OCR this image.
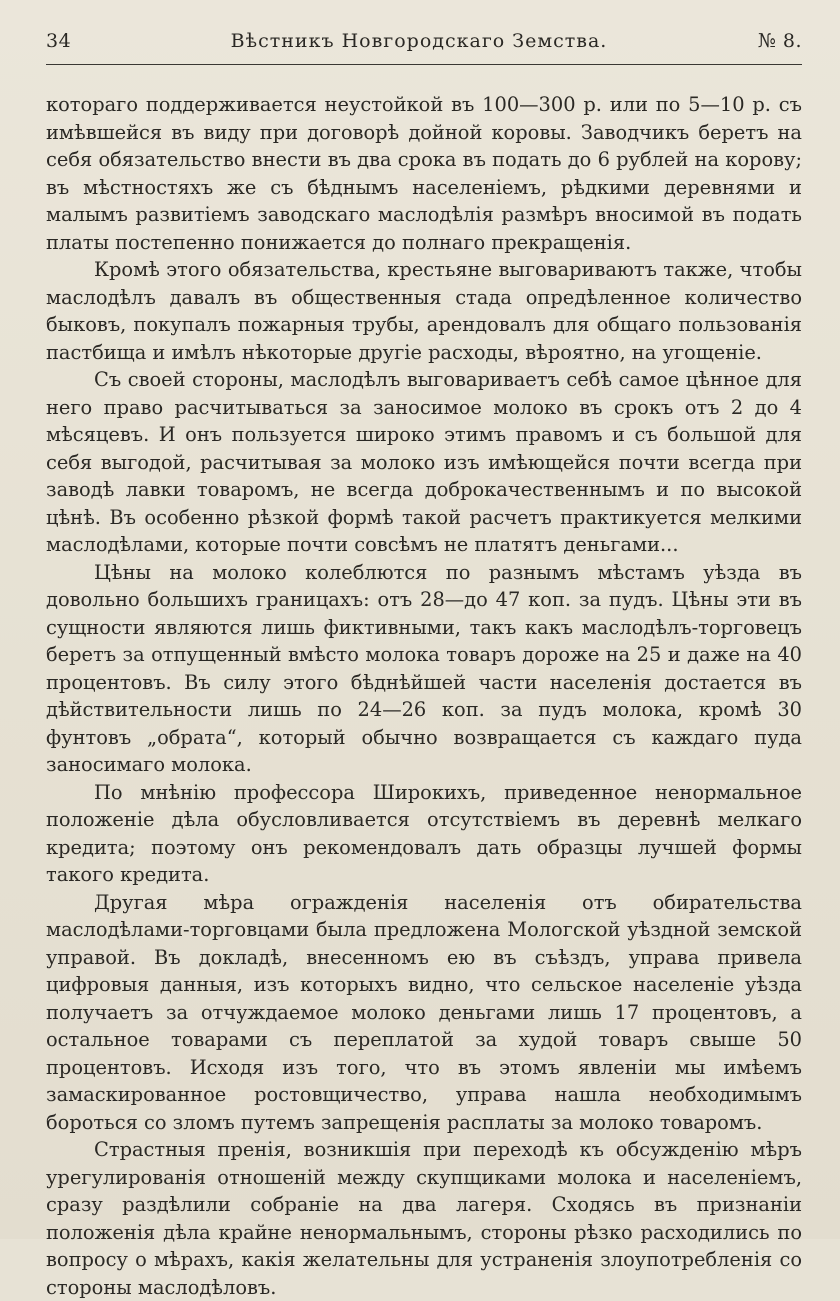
34	Вѣстникъ Новгородскаго Земства.	№ 8.

котораго поддерживается неустойкой въ 100—300 р. или по 5—10 р. съ имѣвшейся въ виду при договорѣ дойной коровы. Заводчикъ беретъ на себя обязательство внести въ два срока въ подать до 6 рублей на корову; въ мѣстностяхъ же съ бѣднымъ населеніемъ, рѣдкими деревнями и малымъ развитіемъ заводскаго маслодѣлія размѣръ вносимой въ подать платы постепенно понижается до полнаго прекращенія.

Кромѣ этого обязательства, крестьяне выговариваютъ также, чтобы маслодѣлъ давалъ въ общественныя стада опредѣленное количество быковъ, покупалъ пожарныя трубы, арендовалъ для общаго пользованія пастбища и имѣлъ нѣкоторые другіе расходы, вѣроятно, на угощеніе.

Съ своей стороны, маслодѣлъ выговариваетъ себѣ самое цѣнное для него право расчитываться за заносимое молоко въ срокъ отъ 2 до 4 мѣсяцевъ. И онъ пользуется широко этимъ правомъ и съ большой для себя выгодой, расчитывая за молоко изъ имѣющейся почти всегда при заводѣ лавки товаромъ, не всегда доброкачественнымъ и по высокой цѣнѣ. Въ особенно рѣзкой формѣ такой расчетъ практикуется мелкими маслодѣлами, которые почти совсѣмъ не платятъ деньгами...

Цѣны на молоко колеблются по разнымъ мѣстамъ уѣзда въ довольно большихъ границахъ: отъ 28—до 47 коп. за пудъ. Цѣны эти въ сущности являются лишь фиктивными, такъ какъ маслодѣлъ-торговецъ беретъ за отпущенный вмѣсто молока товаръ дороже на 25 и даже на 40 процентовъ. Въ силу этого бѣднѣйшей части населенія достается въ дѣйствительности лишь по 24—26 коп. за пудъ молока, кромѣ 30 фунтовъ „обрата“, который обычно возвращается съ каждаго пуда заносимаго молока.

По мнѣнію профессора Широкихъ, приведенное ненормальное положеніе дѣла обусловливается отсутствіемъ въ деревнѣ мелкаго кредита; поэтому онъ рекомендовалъ дать образцы лучшей формы такого кредита.

Другая мѣра огражденія населенія отъ обирательства маслодѣлами-торговцами была предложена Мологской уѣздной земской управой. Въ докладѣ, внесенномъ ею въ съѣздъ, управа привела цифровыя данныя, изъ которыхъ видно, что сельское населеніе уѣзда получаетъ за отчуждаемое молоко деньгами лишь 17 процентовъ, а остальное товарами съ переплатой за худой товаръ свыше 50 процентовъ. Исходя изъ того, что въ этомъ явленіи мы имѣемъ замаскированное ростовщичество, управа нашла необходимымъ бороться со зломъ путемъ запрещенія расплаты за молоко товаромъ.

Страстныя пренія, возникшія при переходѣ къ обсужденію мѣръ урегулированія отношеній между скупщиками молока и населеніемъ, сразу раздѣлили собраніе на два лагеря. Сходясь въ признаніи положенія дѣла крайне ненормальнымъ, стороны рѣзко расходились по вопросу о мѣрахъ, какія желательны для устраненія злоупотребленія со стороны маслодѣловъ.
